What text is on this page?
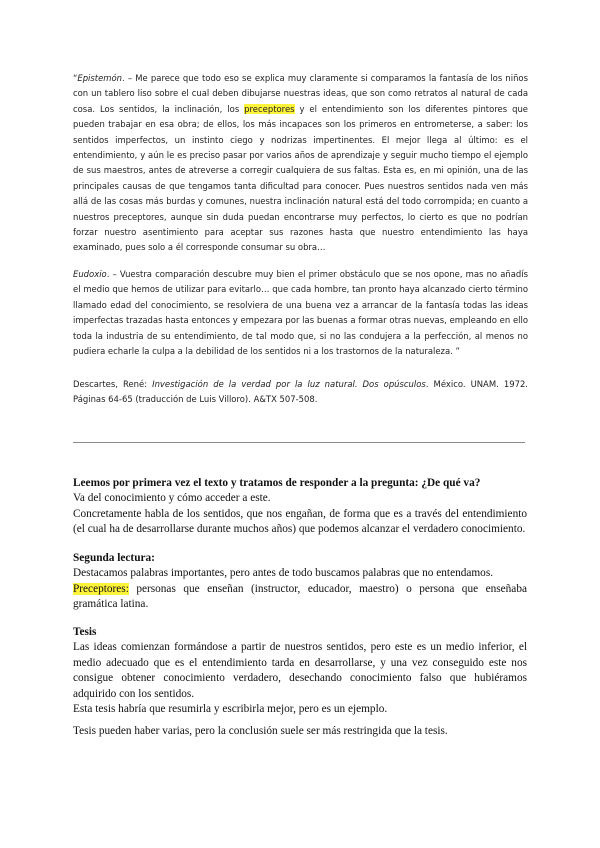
“Epistemón. – Me parece que todo eso se explica muy claramente si comparamos la fantasía de los niños con un tablero liso sobre el cual deben dibujarse nuestras ideas, que son como retratos al natural de cada cosa. Los sentidos, la inclinación, los preceptores y el entendimiento son los diferentes pintores que pueden trabajar en esa obra; de ellos, los más incapaces son los primeros en entrometerse, a saber: los sentidos imperfectos, un instinto ciego y nodrizas impertinentes. El mejor llega al último: es el entendimiento, y aún le es preciso pasar por varios años de aprendizaje y seguir mucho tiempo el ejemplo de sus maestros, antes de atreverse a corregir cualquiera de sus faltas. Esta es, en mi opinión, una de las principales causas de que tengamos tanta dificultad para conocer. Pues nuestros sentidos nada ven más allá de las cosas más burdas y comunes, nuestra inclinación natural está del todo corrompida; en cuanto a nuestros preceptores, aunque sin duda puedan encontrarse muy perfectos, lo cierto es que no podrían forzar nuestro asentimiento para aceptar sus razones hasta que nuestro entendimiento las haya examinado, pues solo a él corresponde consumar su obra…

Eudoxio. – Vuestra comparación descubre muy bien el primer obstáculo que se nos opone, mas no añadís el medio que hemos de utilizar para evitarlo… que cada hombre, tan pronto haya alcanzado cierto término llamado edad del conocimiento, se resolviera de una buena vez a arrancar de la fantasía todas las ideas imperfectas trazadas hasta entonces y empezara por las buenas a formar otras nuevas, empleando en ello toda la industria de su entendimiento, de tal modo que, si no las condujera a la perfección, al menos no pudiera echarle la culpa a la debilidad de los sentidos ni a los trastornos de la naturaleza. ”

Descartes, René: Investigación de la verdad por la luz natural. Dos opúsculos. México. UNAM. 1972. Páginas 64-65 (traducción de Luis Villoro). A&TX 507-508.

Leemos por primera vez el texto y tratamos de responder a la pregunta: ¿De qué va?

Va del conocimiento y cómo acceder a este.

Concretamente habla de los sentidos, que nos engañan, de forma que es a través del entendimiento (el cual ha de desarrollarse durante muchos años) que podemos alcanzar el verdadero conocimiento.

Segunda lectura:

Destacamos palabras importantes, pero antes de todo buscamos palabras que no entendamos.

Preceptores: personas que enseñan (instructor, educador, maestro) o persona que enseñaba gramática latina.

Tesis

Las ideas comienzan formándose a partir de nuestros sentidos, pero este es un medio inferior, el medio adecuado que es el entendimiento tarda en desarrollarse, y una vez conseguido este nos consigue obtener conocimiento verdadero, desechando conocimiento falso que hubiéramos adquirido con los sentidos.

Esta tesis habría que resumirla y escribirla mejor, pero es un ejemplo.

Tesis pueden haber varias, pero la conclusión suele ser más restringida que la tesis.
